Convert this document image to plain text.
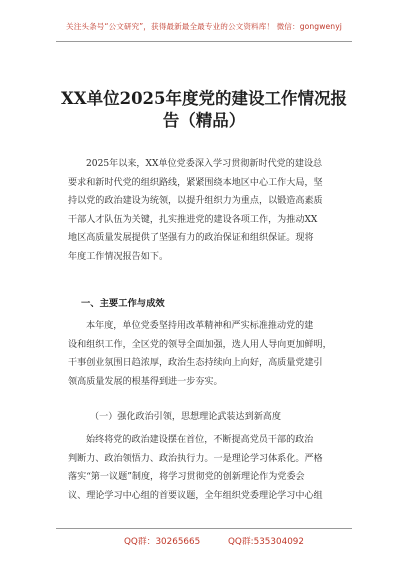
关注头条号“公文研究”，获得最新最全最专业的公文资料库！ 微信：gongwenyj
XX单位2025年度党的建设工作情况报
告（精品）
2025年以来，XX单位党委深入学习贯彻新时代党的建设总
要求和新时代党的组织路线，紧紧围绕本地区中心工作大局，坚
持以党的政治建设为统领，以提升组织力为重点，以锻造高素质
干部人才队伍为关键，扎实推进党的建设各项工作，为推动XX
地区高质量发展提供了坚强有力的政治保证和组织保证。现将
年度工作情况报告如下。
一、主要工作与成效
本年度，单位党委坚持用改革精神和严实标准推动党的建
设和组织工作，全区党的领导全面加强，选人用人导向更加鲜明，
干事创业氛围日趋浓厚，政治生态持续向上向好，高质量党建引
领高质量发展的根基得到进一步夯实。
（一）强化政治引领，思想理论武装达到新高度
始终将党的政治建设摆在首位，不断提高党员干部的政治
判断力、政治领悟力、政治执行力。一是理论学习体系化。严格
落实“第一议题”制度，将学习贯彻党的创新理论作为党委会
议、理论学习中心组的首要议题，全年组织党委理论学习中心组
QQ群：30265665	QQ群:535304092
